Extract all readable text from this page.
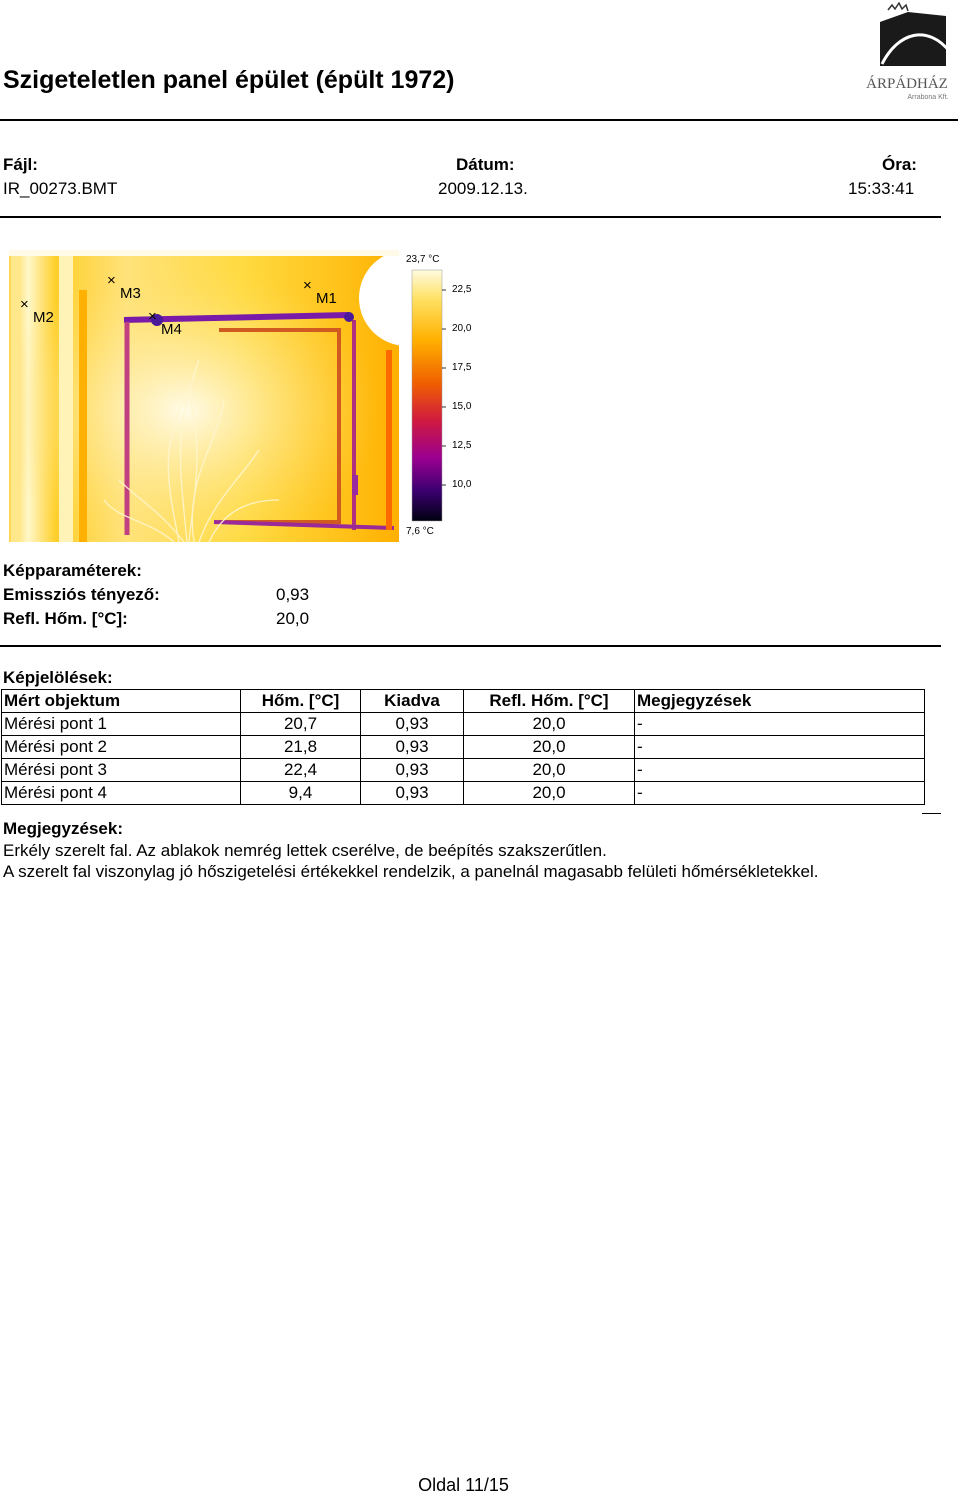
Szigeteletlen panel épület (épült 1972)	ÁRPÁDHÁZ
Arrabona Kft.
Fájl:
IR_00273.BMT
Dátum:
2009.12.13.
Óra:
15:33:41
×
M1
×
M2
×
M3
×
M4
23,7 °C
22,5
20,0
17,5
15,0
12,5
10,0
7,6 °C
Képparaméterek:
Emissziós tényező:	0,93
Refl. Hőm. [°C]:	20,0
Képjelölések:
Mért objektum	Hőm. [°C]	Kiadva	Refl. Hőm. [°C]	Megjegyzések
Mérési pont 1	20,7	0,93	20,0	-
Mérési pont 2	21,8	0,93	20,0	-
Mérési pont 3	22,4	0,93	20,0	-
Mérési pont 4	9,4	0,93	20,0	-
Megjegyzések:
Erkély szerelt fal. Az ablakok nemrég lettek cserélve, de beépítés szakszerűtlen.
A szerelt fal viszonylag jó hőszigetelési értékekkel rendelzik, a panelnál magasabb felületi hőmérsékletekkel.
Oldal 11/15
